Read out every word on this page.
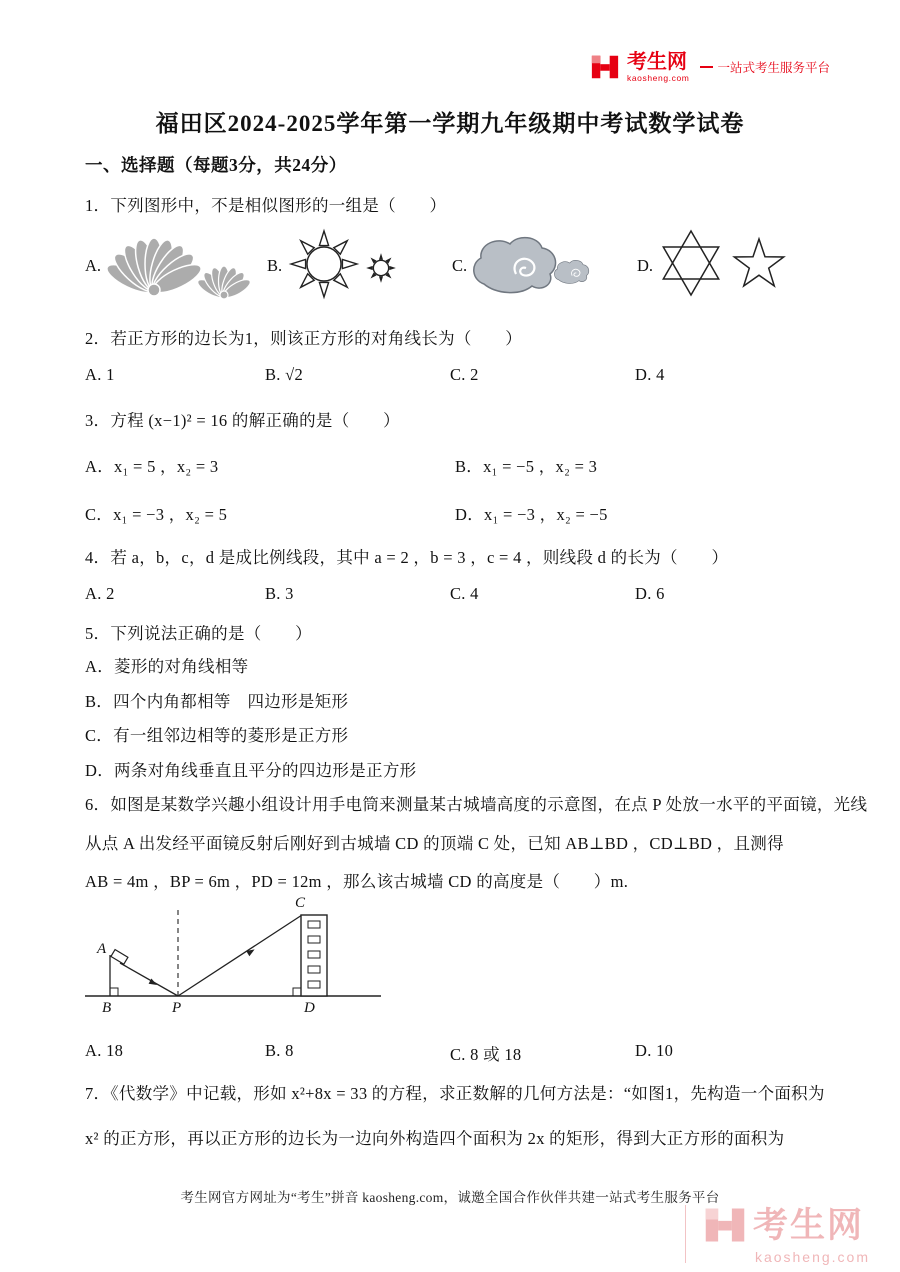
考生网
kaosheng.com
一站式考生服务平台
福田区2024-2025学年第一学期九年级期中考试数学试卷
一、选择题（每题3分，共24分）
1．下列图形中，不是相似图形的一组是（　　）
A.	B.	C.	D.
2．若正方形的边长为1，则该正方形的对角线长为（　　）
A. 1	B. √2	C. 2	D. 4
3．方程 (x−1)² = 16 的解正确的是（　　）
A．x₁ = 5 ，x₂ = 3	B．x₁ = −5 ，x₂ = 3
C．x₁ = −3 ，x₂ = 5	D．x₁ = −3 ，x₂ = −5
4．若 a，b，c，d 是成比例线段，其中 a = 2 ，b = 3 ，c = 4 ，则线段 d 的长为（　　）
A. 2	B. 3	C. 4	D. 6
5．下列说法正确的是（　　）
A．菱形的对角线相等
B．四个内角都相等　四边形是矩形
C．有一组邻边相等的菱形是正方形
D．两条对角线垂直且平分的四边形是正方形
6．如图是某数学兴趣小组设计用手电筒来测量某古城墙高度的示意图，在点 P 处放一水平的平面镜，光线
从点 A 出发经平面镜反射后刚好到古城墙 CD 的顶端 C 处，已知 AB⊥BD ，CD⊥BD ，且测得
AB = 4m ，BP = 6m ，PD = 12m ，那么该古城墙 CD 的高度是（　　）m.
A
B	P
C
D
A. 18	B. 8	C. 8 或 18	D. 10
7．《代数学》中记载，形如 x²+8x = 33 的方程，求正数解的几何方法是：“如图1，先构造一个面积为
x² 的正方形，再以正方形的边长为一边向外构造四个面积为 2x 的矩形，得到大正方形的面积为
考生网官方网址为“考生”拼音 kaosheng.com，诚邀全国合作伙伴共建一站式考生服务平台
考生网
kaosheng.com
